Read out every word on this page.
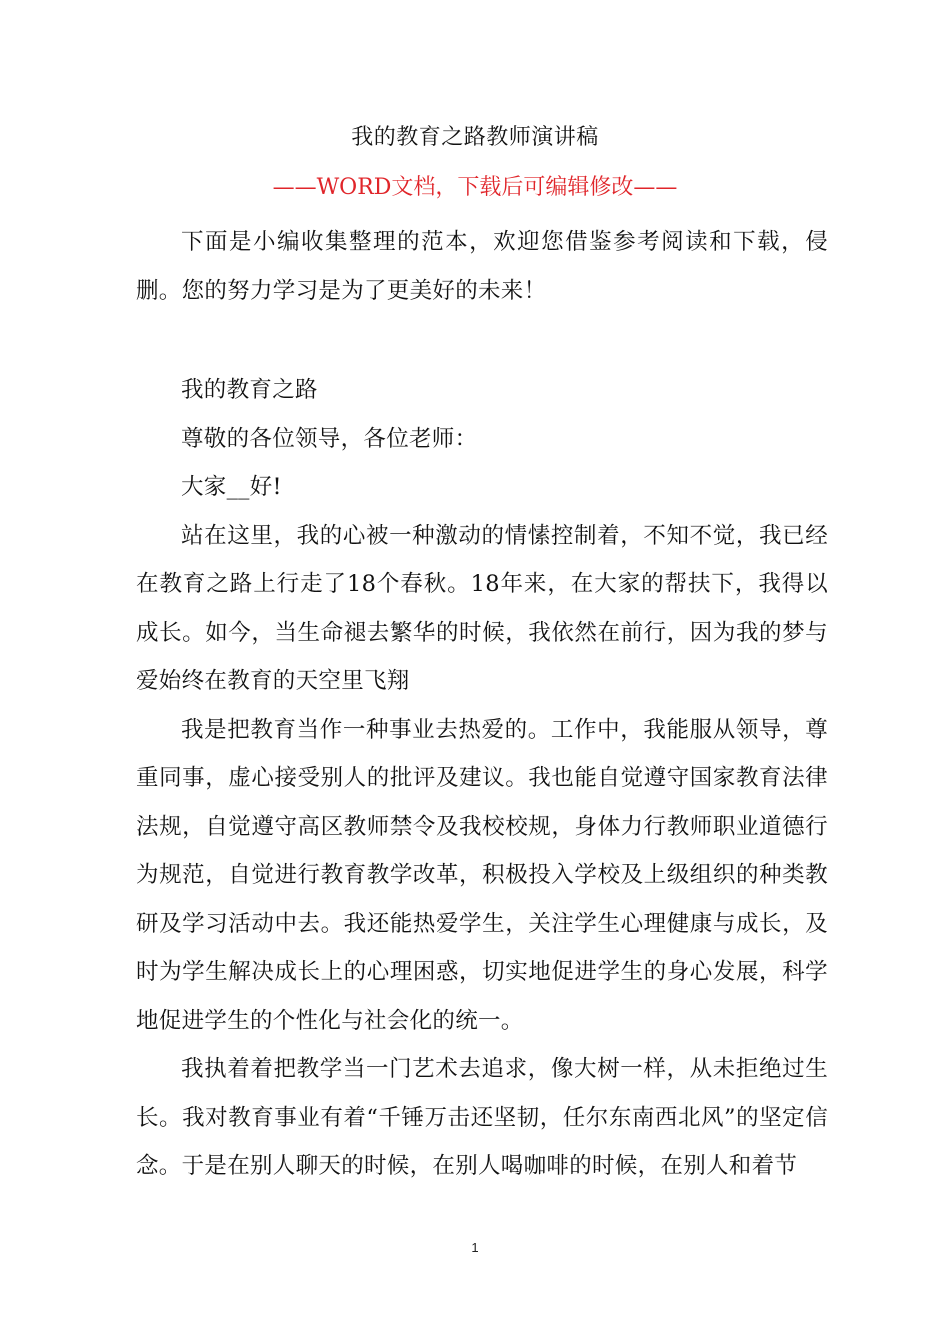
我的教育之路教师演讲稿
——WORD文档，下载后可编辑修改——

下面是小编收集整理的范本，欢迎您借鉴参考阅读和下载，侵删。您的努力学习是为了更美好的未来！

我的教育之路

尊敬的各位领导，各位老师：

大家__好!

站在这里，我的心被一种激动的情愫控制着，不知不觉，我已经在教育之路上行走了18个春秋。18年来，在大家的帮扶下，我得以成长。如今，当生命褪去繁华的时候，我依然在前行，因为我的梦与爱始终在教育的天空里飞翔

我是把教育当作一种事业去热爱的。工作中，我能服从领导，尊重同事，虚心接受别人的批评及建议。我也能自觉遵守国家教育法律法规，自觉遵守高区教师禁令及我校校规，身体力行教师职业道德行为规范，自觉进行教育教学改革，积极投入学校及上级组织的种类教研及学习活动中去。我还能热爱学生，关注学生心理健康与成长，及时为学生解决成长上的心理困惑，切实地促进学生的身心发展，科学地促进学生的个性化与社会化的统一。

我执着着把教学当一门艺术去追求，像大树一样，从未拒绝过生长。我对教育事业有着“千锤万击还坚韧，任尔东南西北风”的坚定信念。于是在别人聊天的时候，在别人喝咖啡的时候，在别人和着节

1
